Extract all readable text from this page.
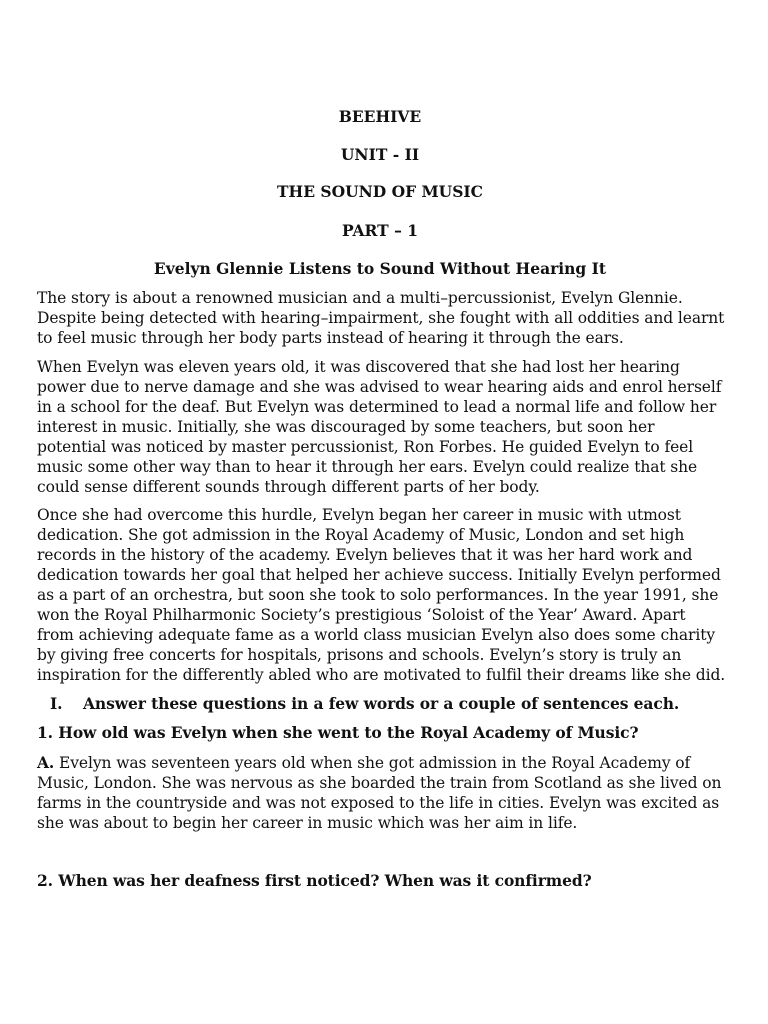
BEEHIVE

UNIT - II

THE SOUND OF MUSIC

PART – 1

Evelyn Glennie Listens to Sound Without Hearing It

The story is about a renowned musician and a multi–percussionist, Evelyn Glennie. Despite being detected with hearing–impairment, she fought with all oddities and learnt to feel music through her body parts instead of hearing it through the ears.

When Evelyn was eleven years old, it was discovered that she had lost her hearing power due to nerve damage and she was advised to wear hearing aids and enrol herself in a school for the deaf. But Evelyn was determined to lead a normal life and follow her interest in music. Initially, she was discouraged by some teachers, but soon her potential was noticed by master percussionist, Ron Forbes. He guided Evelyn to feel music some other way than to hear it through her ears. Evelyn could realize that she could sense different sounds through different parts of her body.

Once she had overcome this hurdle, Evelyn began her career in music with utmost dedication. She got admission in the Royal Academy of Music, London and set high records in the history of the academy. Evelyn believes that it was her hard work and dedication towards her goal that helped her achieve success. Initially Evelyn performed as a part of an orchestra, but soon she took to solo performances. In the year 1991, she won the Royal Philharmonic Society’s prestigious ‘Soloist of the Year’ Award. Apart from achieving adequate fame as a world class musician Evelyn also does some charity by giving free concerts for hospitals, prisons and schools. Evelyn’s story is truly an inspiration for the differently abled who are motivated to fulfil their dreams like she did.

I. Answer these questions in a few words or a couple of sentences each.

1. How old was Evelyn when she went to the Royal Academy of Music?

A. Evelyn was seventeen years old when she got admission in the Royal Academy of Music, London. She was nervous as she boarded the train from Scotland as she lived on farms in the countryside and was not exposed to the life in cities. Evelyn was excited as she was about to begin her career in music which was her aim in life.

2. When was her deafness first noticed? When was it confirmed?
